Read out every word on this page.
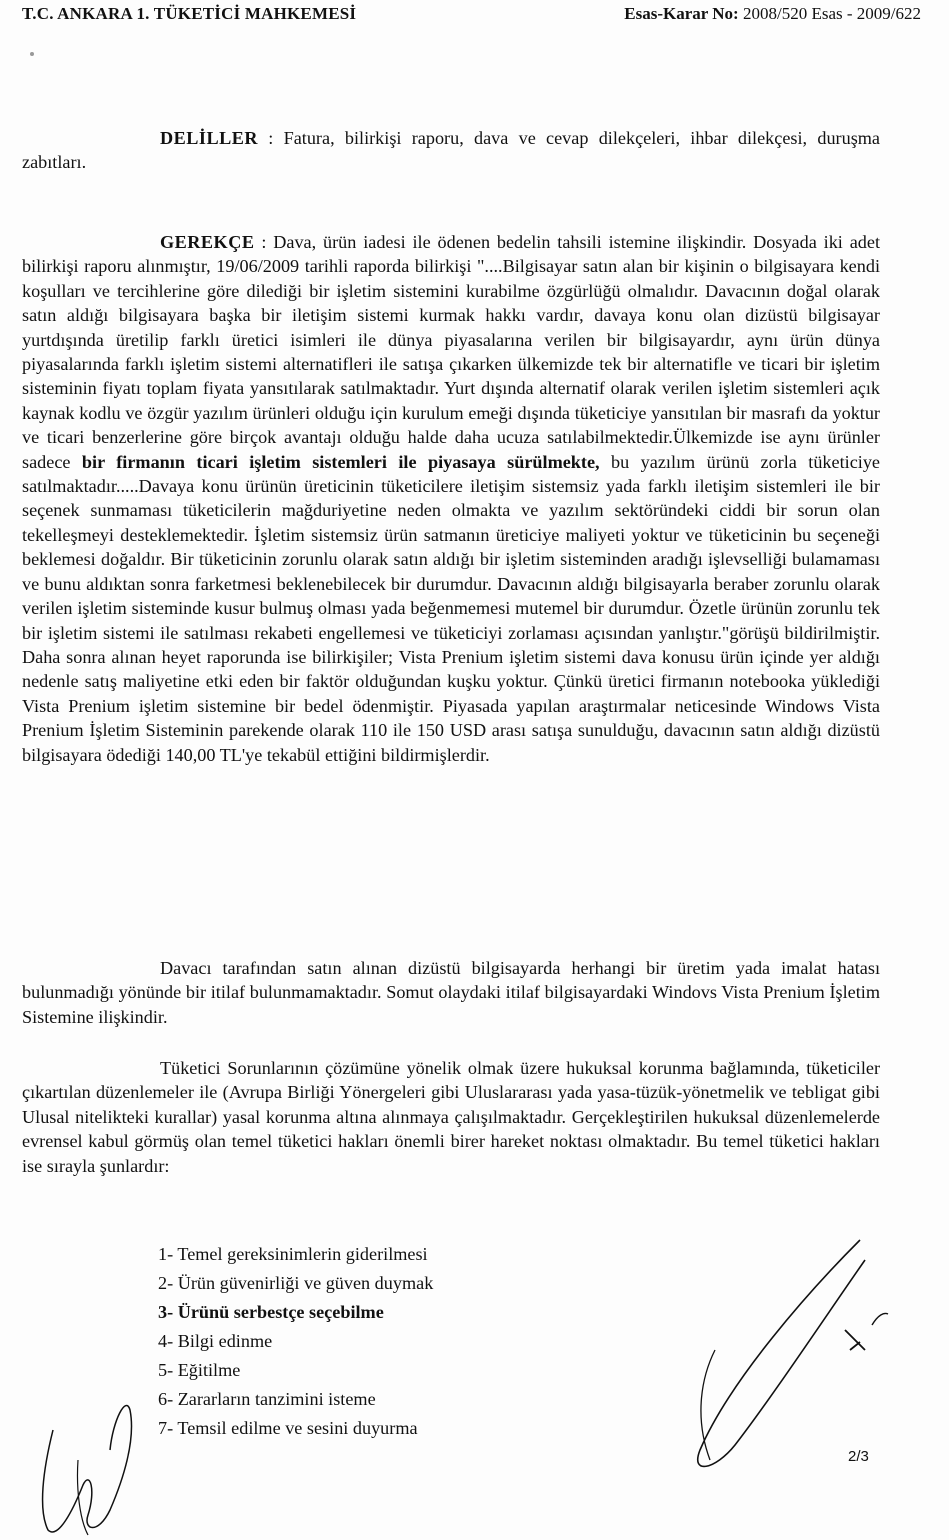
T.C. ANKARA 1. TÜKETİCİ MAHKEMESİ	Esas-Karar No: 2008/520 Esas - 2009/622

DELİLLER : Fatura, bilirkişi raporu, dava ve cevap dilekçeleri, ihbar dilekçesi, duruşma zabıtları.

GEREKÇE : Dava, ürün iadesi ile ödenen bedelin tahsili istemine ilişkindir. Dosyada iki adet bilirkişi raporu alınmıştır, 19/06/2009 tarihli raporda bilirkişi "....Bilgisayar satın alan bir kişinin o bilgisayara kendi koşulları ve tercihlerine göre dilediği bir işletim sistemini kurabilme özgürlüğü olmalıdır. Davacının doğal olarak satın aldığı bilgisayara başka bir iletişim sistemi kurmak hakkı vardır, davaya konu olan dizüstü bilgisayar yurtdışında üretilip farklı üretici isimleri ile dünya piyasalarına verilen bir bilgisayardır, aynı ürün dünya piyasalarında farklı işletim sistemi alternatifleri ile satışa çıkarken ülkemizde tek bir alternatifle ve ticari bir işletim sisteminin fiyatı toplam fiyata yansıtılarak satılmaktadır. Yurt dışında alternatif olarak verilen işletim sistemleri açık kaynak kodlu ve özgür yazılım ürünleri olduğu için kurulum emeği dışında tüketiciye yansıtılan bir masrafı da yoktur ve ticari benzerlerine göre birçok avantajı olduğu halde daha ucuza satılabilmektedir.Ülkemizde ise aynı ürünler sadece bir firmanın ticari işletim sistemleri ile piyasaya sürülmekte, bu yazılım ürünü zorla tüketiciye satılmaktadır.....Davaya konu ürünün üreticinin tüketicilere iletişim sistemsiz yada farklı iletişim sistemleri ile bir seçenek sunmaması tüketicilerin mağduriyetine neden olmakta ve yazılım sektöründeki ciddi bir sorun olan tekelleşmeyi desteklemektedir. İşletim sistemsiz ürün satmanın üreticiye maliyeti yoktur ve tüketicinin bu seçeneği beklemesi doğaldır. Bir tüketicinin zorunlu olarak satın aldığı bir işletim sisteminden aradığı işlevselliği bulamaması ve bunu aldıktan sonra farketmesi beklenebilecek bir durumdur. Davacının aldığı bilgisayarla beraber zorunlu olarak verilen işletim sisteminde kusur bulmuş olması yada beğenmemesi mutemel bir durumdur. Özetle ürünün zorunlu tek bir işletim sistemi ile satılması rekabeti engellemesi ve tüketiciyi zorlaması açısından yanlıştır."görüşü bildirilmiştir. Daha sonra alınan heyet raporunda ise bilirkişiler; Vista Prenium işletim sistemi dava konusu ürün içinde yer aldığı nedenle satış maliyetine etki eden bir faktör olduğundan kuşku yoktur. Çünkü üretici firmanın notebooka yüklediği Vista Prenium işletim sistemine bir bedel ödenmiştir. Piyasada yapılan araştırmalar neticesinde Windows Vista Prenium İşletim Sisteminin parekende olarak 110 ile 150 USD arası satışa sunulduğu, davacının satın aldığı dizüstü bilgisayara ödediği 140,00 TL'ye tekabül ettiğini bildirmişlerdir.

Davacı tarafından satın alınan dizüstü bilgisayarda herhangi bir üretim yada imalat hatası bulunmadığı yönünde bir itilaf bulunmamaktadır. Somut olaydaki itilaf bilgisayardaki Windovs Vista Prenium İşletim Sistemine ilişkindir.

Tüketici Sorunlarının çözümüne yönelik olmak üzere hukuksal korunma bağlamında, tüketiciler çıkartılan düzenlemeler ile (Avrupa Birliği Yönergeleri gibi Uluslararası yada yasa-tüzük-yönetmelik ve tebligat gibi Ulusal nitelikteki kurallar) yasal korunma altına alınmaya çalışılmaktadır. Gerçekleştirilen hukuksal düzenlemelerde evrensel kabul görmüş olan temel tüketici hakları önemli birer hareket noktası olmaktadır. Bu temel tüketici hakları ise sırayla şunlardır:

1- Temel gereksinimlerin giderilmesi
2- Ürün güvenirliği ve güven duymak
3- Ürünü serbestçe seçebilme
4- Bilgi edinme
5- Eğitilme
6- Zararların tanzimini isteme
7- Temsil edilme ve sesini duyurma
2/3
